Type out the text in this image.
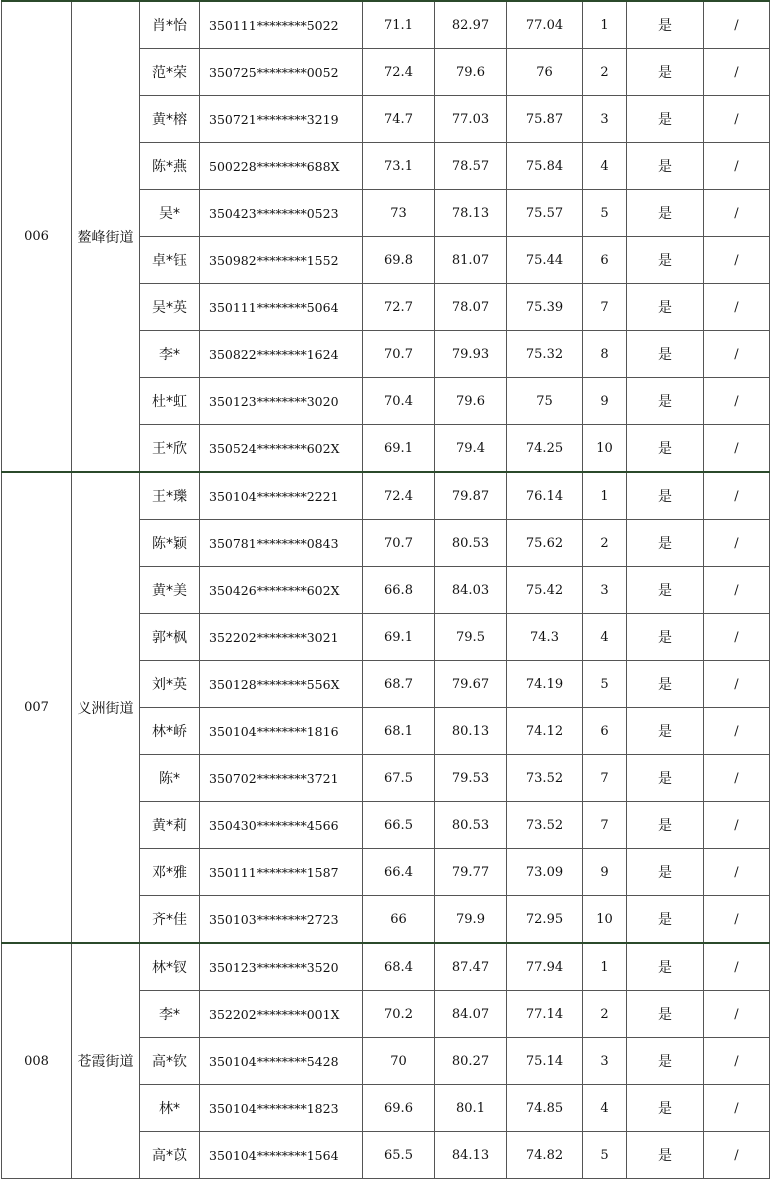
006	鳌峰街道	肖*怡	350111********5022	71.1	82.97	77.04	1	是	/
		范*荣	350725********0052	72.4	79.6	76	2	是	/
		黄*榕	350721********3219	74.7	77.03	75.87	3	是	/
		陈*燕	500228********688X	73.1	78.57	75.84	4	是	/
		吴*	350423********0523	73	78.13	75.57	5	是	/
		卓*钰	350982********1552	69.8	81.07	75.44	6	是	/
		吴*英	350111********5064	72.7	78.07	75.39	7	是	/
		李*	350822********1624	70.7	79.93	75.32	8	是	/
		杜*虹	350123********3020	70.4	79.6	75	9	是	/
		王*欣	350524********602X	69.1	79.4	74.25	10	是	/
007	义洲街道	王*瓅	350104********2221	72.4	79.87	76.14	1	是	/
		陈*颖	350781********0843	70.7	80.53	75.62	2	是	/
		黄*美	350426********602X	66.8	84.03	75.42	3	是	/
		郭*枫	352202********3021	69.1	79.5	74.3	4	是	/
		刘*英	350128********556X	68.7	79.67	74.19	5	是	/
		林*峤	350104********1816	68.1	80.13	74.12	6	是	/
		陈*	350702********3721	67.5	79.53	73.52	7	是	/
		黄*莉	350430********4566	66.5	80.53	73.52	7	是	/
		邓*雅	350111********1587	66.4	79.77	73.09	9	是	/
		齐*佳	350103********2723	66	79.9	72.95	10	是	/
008	苍霞街道	林*钗	350123********3520	68.4	87.47	77.94	1	是	/
		李*	352202********001X	70.2	84.07	77.14	2	是	/
		高*钦	350104********5428	70	80.27	75.14	3	是	/
		林*	350104********1823	69.6	80.1	74.85	4	是	/
		高*苡	350104********1564	65.5	84.13	74.82	5	是	/
